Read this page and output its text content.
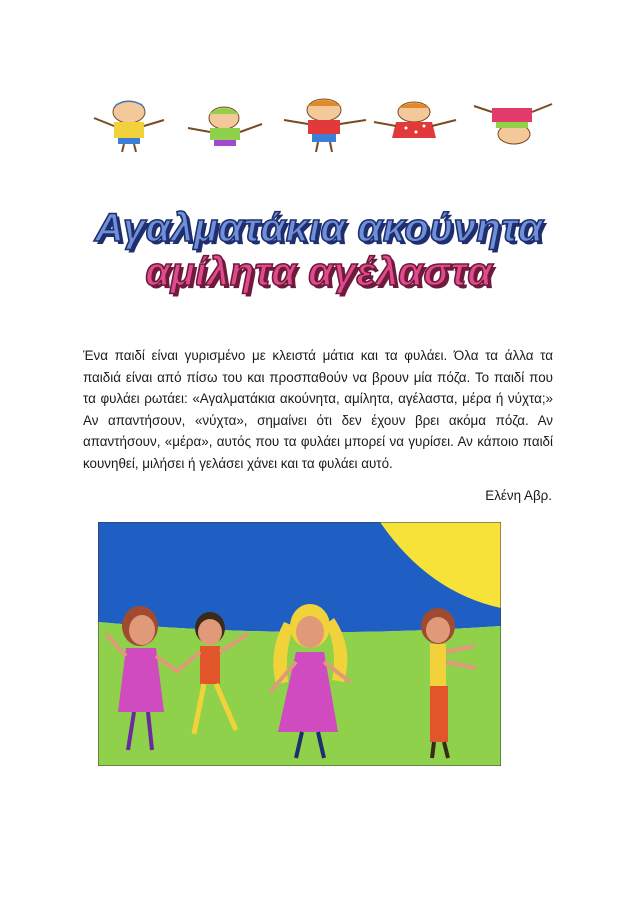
Αγαλματάκια ακούνητα
αμίλητα αγέλαστα

Ένα παιδί είναι γυρισμένο με κλειστά μάτια και τα φυλάει. Όλα τα άλλα τα παιδιά είναι από πίσω του και προσπαθούν να βρουν μία πόζα. Το παιδί που τα φυλάει ρωτάει: «Αγαλματάκια ακούνητα, αμίλητα, αγέλαστα, μέρα ή νύχτα;» Αν απαντήσουν, «νύχτα», σημαίνει ότι δεν έχουν βρει ακόμα πόζα. Αν απαντήσουν, «μέρα», αυτός που τα φυλάει μπορεί να γυρίσει. Αν κάποιο παιδί κουνηθεί, μιλήσει ή γελάσει χάνει και τα φυλάει αυτό.

Ελένη Αβρ.
